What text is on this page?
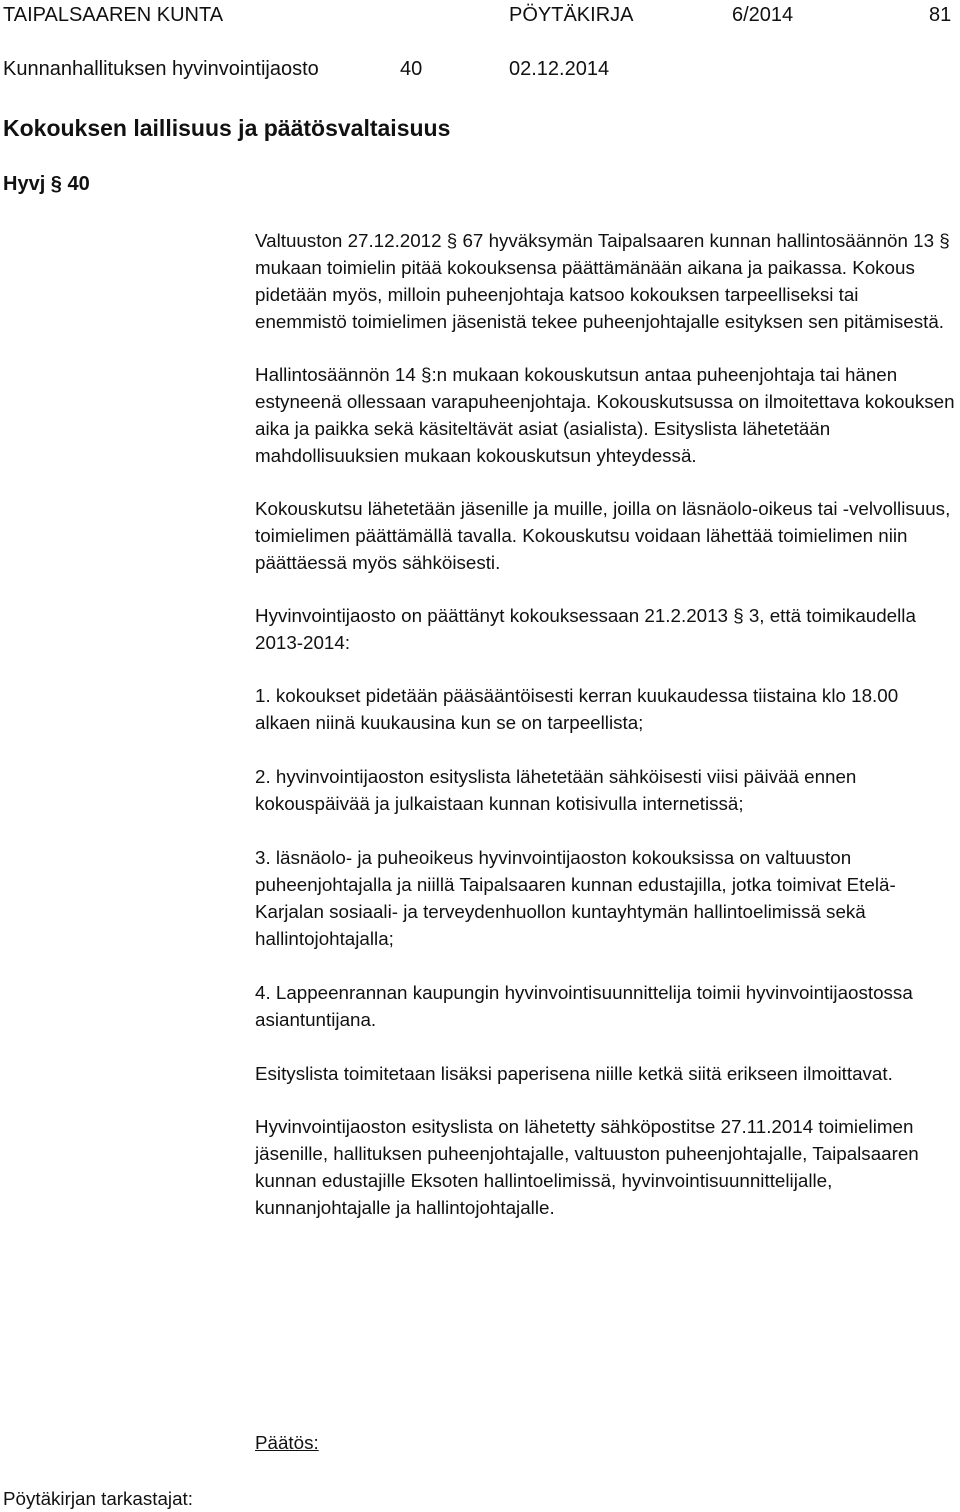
TAIPALSAAREN KUNTA	PÖYTÄKIRJA	6/2014	81
Kunnanhallituksen hyvinvointijaosto	40	02.12.2014
Kokouksen laillisuus ja päätösvaltaisuus
Hyvj § 40

Valtuuston 27.12.2012 § 67 hyväksymän Taipalsaaren kunnan hallintosäännön 13 § mukaan toimielin pitää kokouksensa päättämänään aikana ja paikassa. Kokous pidetään myös, milloin puheenjohtaja katsoo kokouksen tarpeelliseksi tai enemmistö toimielimen jäsenistä tekee puheenjohtajalle esityksen sen pitämisestä.

Hallintosäännön 14 §:n mukaan kokouskutsun antaa puheenjohtaja tai hänen estyneenä ollessaan varapuheenjohtaja. Kokouskutsussa on ilmoitettava kokouksen aika ja paikka sekä käsiteltävät asiat (asialista). Esityslista lähetetään mahdollisuuksien mukaan kokouskutsun yhteydessä.

Kokouskutsu lähetetään jäsenille ja muille, joilla on läsnäolo-oikeus tai -velvollisuus, toimielimen päättämällä tavalla. Kokouskutsu voidaan lähettää toimielimen niin päättäessä myös sähköisesti.

Hyvinvointijaosto on päättänyt kokouksessaan 21.2.2013 § 3, että toimikaudella 2013-2014:

1. kokoukset pidetään pääsääntöisesti kerran kuukaudessa tiistaina klo 18.00 alkaen niinä kuukausina kun se on tarpeellista;

2. hyvinvointijaoston esityslista lähetetään sähköisesti viisi päivää ennen kokouspäivää ja julkaistaan kunnan kotisivulla internetissä;

3. läsnäolo- ja puheoikeus hyvinvointijaoston kokouksissa on valtuuston puheenjohtajalla ja niillä Taipalsaaren kunnan edustajilla, jotka toimivat Etelä-Karjalan sosiaali- ja terveydenhuollon kuntayhtymän hallintoelimissä sekä hallintojohtajalla;

4. Lappeenrannan kaupungin hyvinvointisuunnittelija toimii hyvinvointijaostossa asiantuntijana.

Esityslista toimitetaan lisäksi paperisena niille ketkä siitä erikseen ilmoittavat.

Hyvinvointijaoston esityslista on lähetetty sähköpostitse 27.11.2014 toimielimen jäsenille, hallituksen puheenjohtajalle, valtuuston puheenjohtajalle, Taipalsaaren kunnan edustajille Eksoten hallintoelimissä, hyvinvointisuunnittelijalle, kunnanjohtajalle ja hallintojohtajalle.

Päätös:
Pöytäkirjan tarkastajat:
